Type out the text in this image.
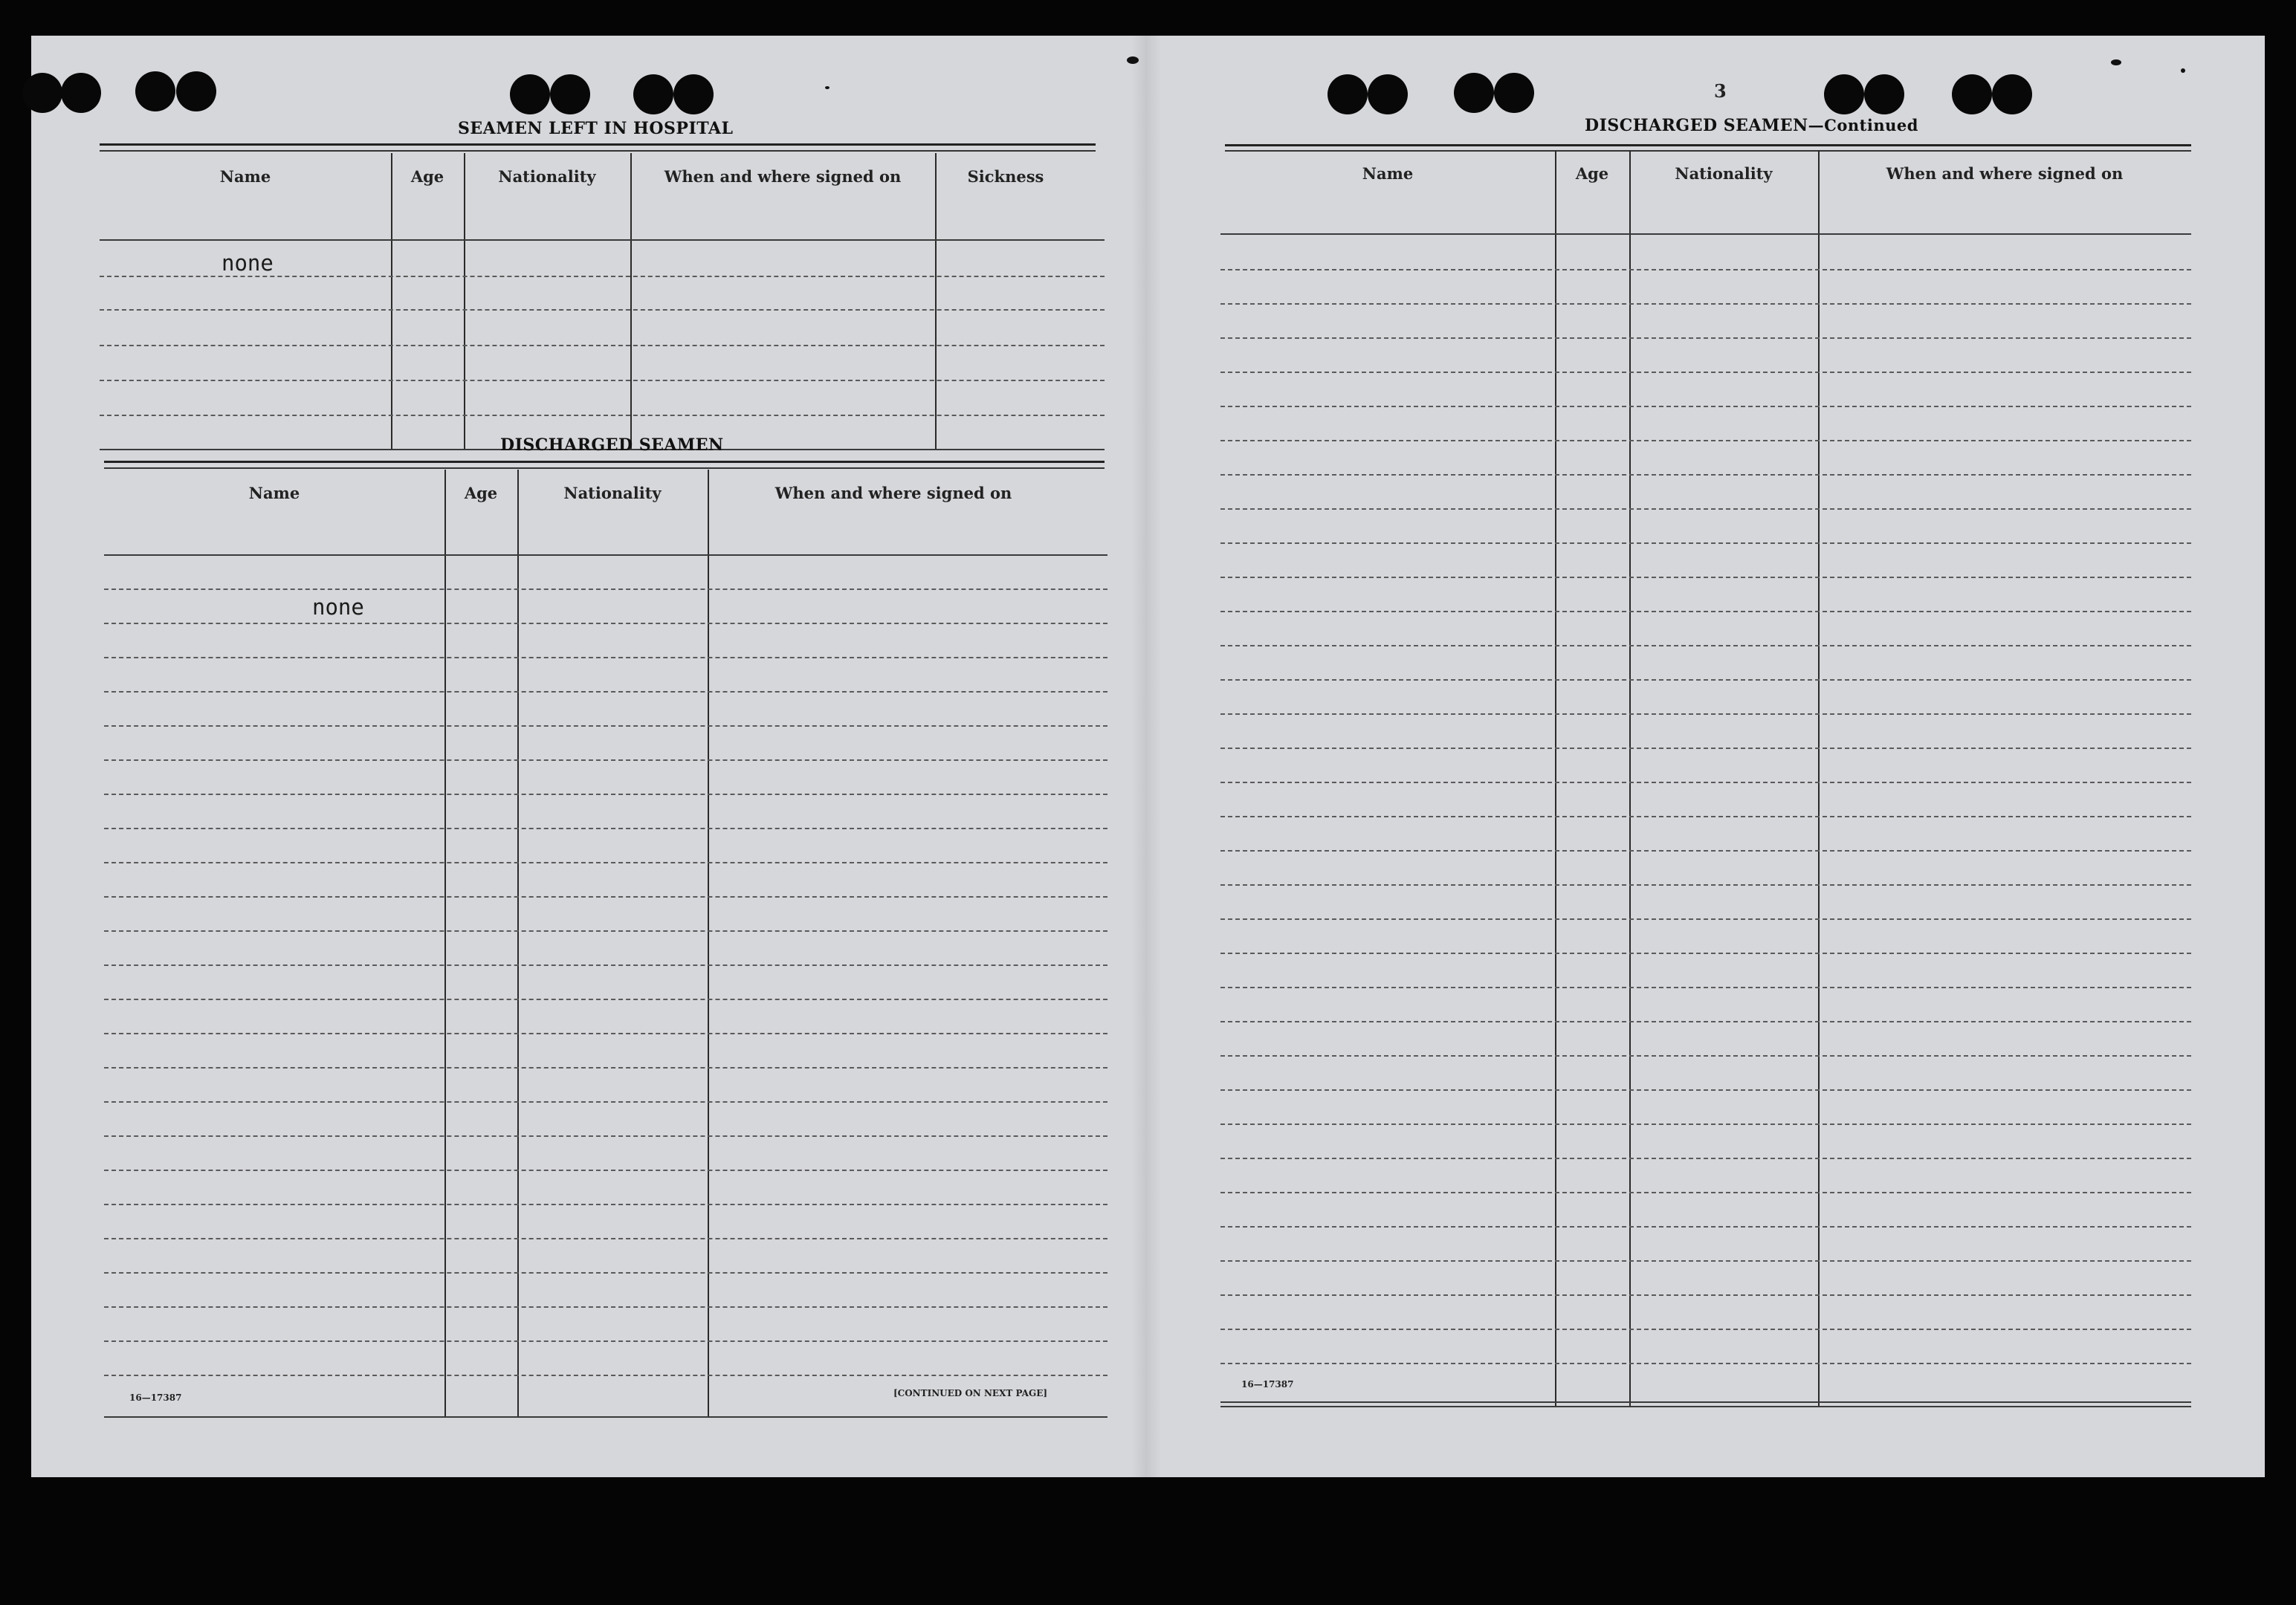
SEAMEN LEFT IN HOSPITAL
Name	Age	Nationality	When and where signed on	Sickness
none
DISCHARGED SEAMEN
Name	Age	Nationality	When and where signed on
none
16—17387	[CONTINUED ON NEXT PAGE]
3
DISCHARGED SEAMEN—Continued
Name	Age	Nationality	When and where signed on
16—17387
